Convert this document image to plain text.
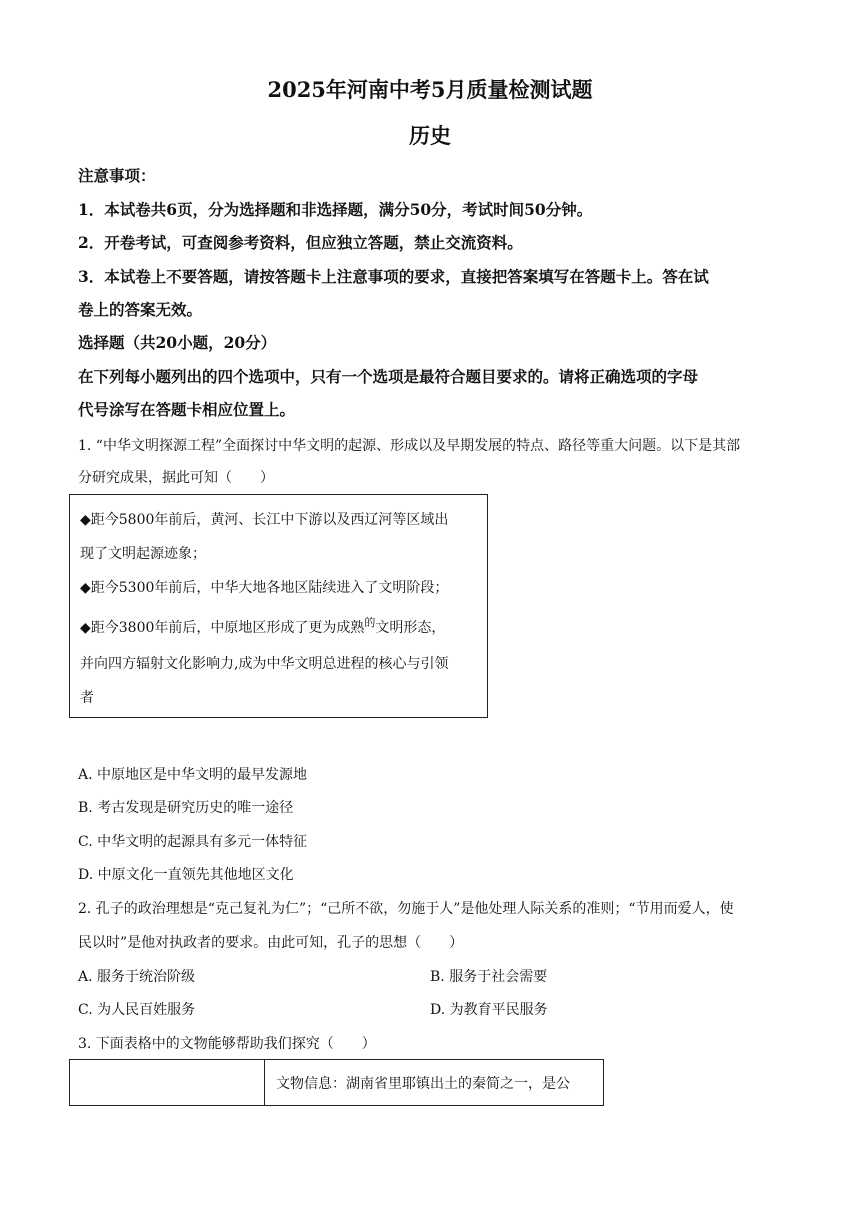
2025年河南中考5月质量检测试题
历史
注意事项：
1．本试卷共6页，分为选择题和非选择题，满分50分，考试时间50分钟。
2．开卷考试，可查阅参考资料，但应独立答题，禁止交流资料。
3．本试卷上不要答题，请按答题卡上注意事项的要求，直接把答案填写在答题卡上。答在试
卷上的答案无效。
选择题（共20小题，20分）
在下列每小题列出的四个选项中，只有一个选项是最符合题目要求的。请将正确选项的字母
代号涂写在答题卡相应位置上。
1. “中华文明探源工程”全面探讨中华文明的起源、形成以及早期发展的特点、路径等重大问题。以下是其部
分研究成果，据此可知（　　）
◆距今5800年前后，黄河、长江中下游以及西辽河等区域出
现了文明起源迹象；
◆距今5300年前后，中华大地各地区陆续进入了文明阶段；
◆距今3800年前后，中原地区形成了更为成熟$^的$文明形态，
并向四方辐射文化影响力,成为中华文明总进程的核心与引领
者
A. 中原地区是中华文明的最早发源地
B. 考古发现是研究历史的唯一途径
C. 中华文明的起源具有多元一体特征
D. 中原文化一直领先其他地区文化
2. 孔子的政治理想是“克己复礼为仁”；“己所不欲，勿施于人”是他处理人际关系的准则；“节用而爱人，使
民以时”是他对执政者的要求。由此可知，孔子的思想（　　）
A. 服务于统治阶级	B. 服务于社会需要
C. 为人民百姓服务	D. 为教育平民服务
3. 下面表格中的文物能够帮助我们探究（　　）
文物信息：湖南省里耶镇出土的秦简之一，是公
